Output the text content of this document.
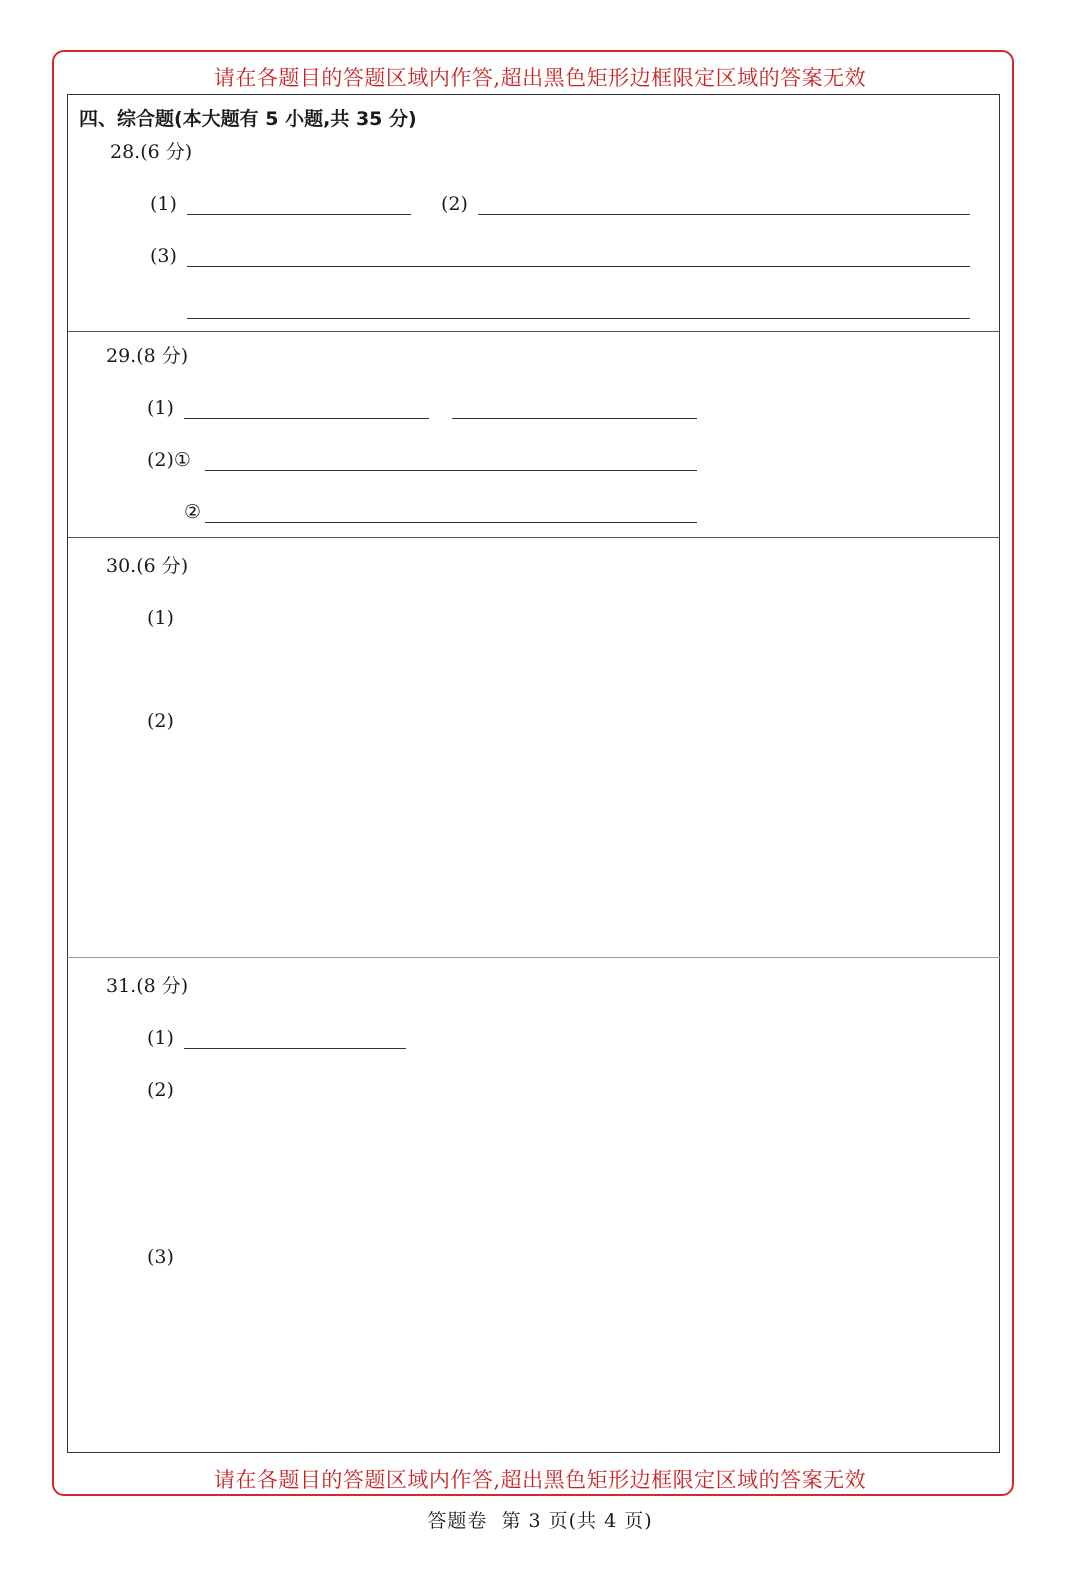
请在各题目的答题区域内作答,超出黑色矩形边框限定区域的答案无效
请在各题目的答题区域内作答,超出黑色矩形边框限定区域的答案无效
四、综合题(本大题有 5 小题,共 35 分)
28.(6 分)
(1)	(2)
(3)
29.(8 分)
(1)
(2)①
②
30.(6 分)
(1)
(2)
31.(8 分)
(1)
(2)
(3)
答题卷  第 3 页(共 4 页)
